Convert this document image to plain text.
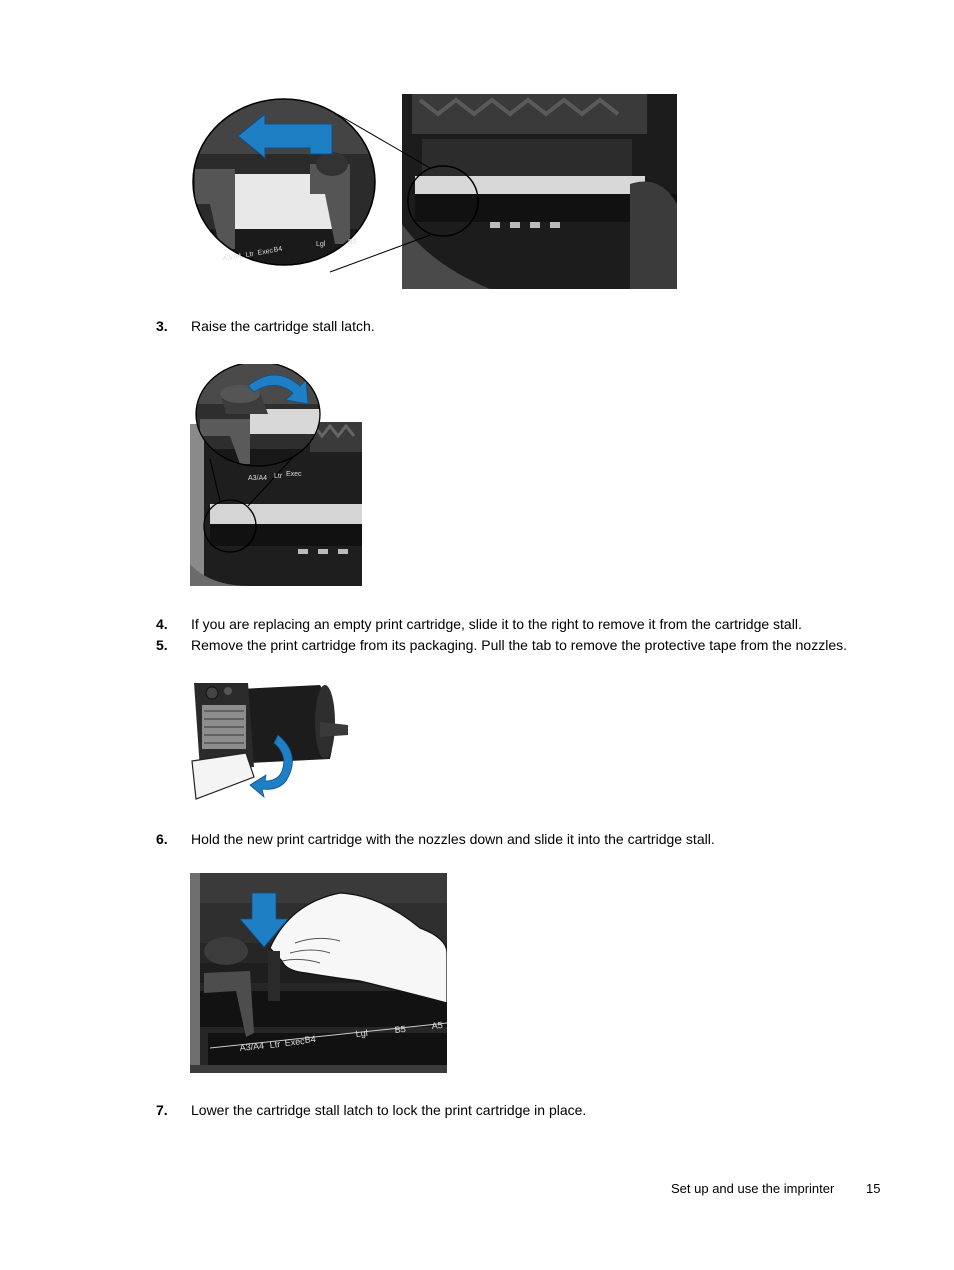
A3/A4 Ltr Exec B4
Lgl	B5
3. Raise the cartridge stall latch.
A3/A4 Ltr Exec
4. If you are replacing an empty print cartridge, slide it to the right to remove it from the cartridge stall.
5. Remove the print cartridge from its packaging. Pull the tab to remove the protective tape from the nozzles.
6. Hold the new print cartridge with the nozzles down and slide it into the cartridge stall.
A3/A4 Ltr Exec B4
Lgl	B5	A5
7. Lower the cartridge stall latch to lock the print cartridge in place.
Set up and use the imprinter 15
